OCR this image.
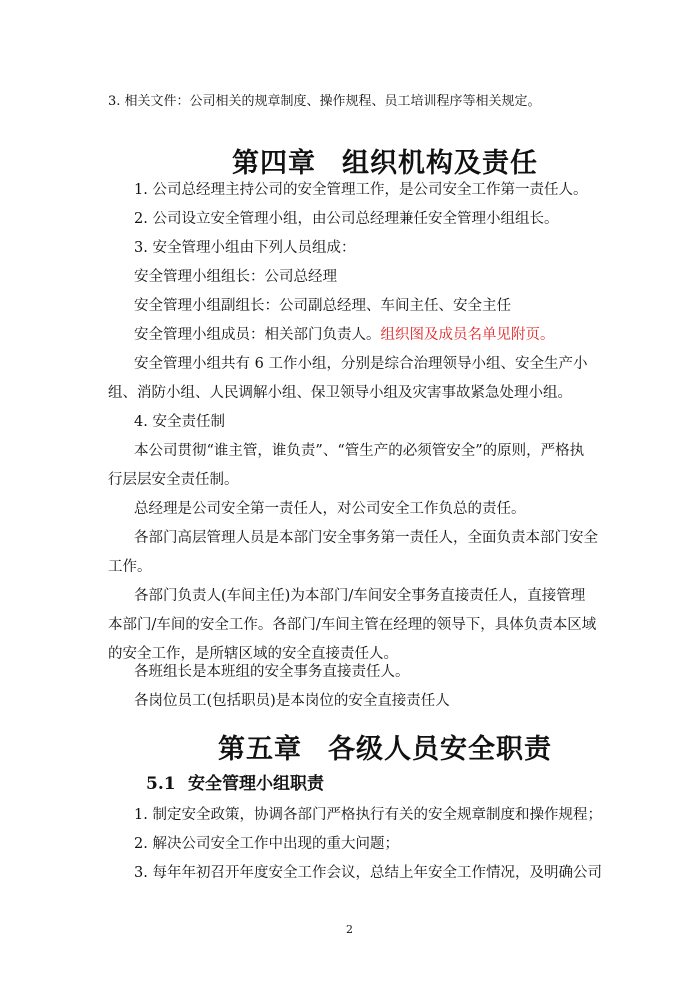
3. 相关文件：公司相关的规章制度、操作规程、员工培训程序等相关规定。
第四章 组织机构及责任
1. 公司总经理主持公司的安全管理工作，是公司安全工作第一责任人。
2. 公司设立安全管理小组，由公司总经理兼任安全管理小组组长。
3. 安全管理小组由下列人员组成：
安全管理小组组长：公司总经理
安全管理小组副组长：公司副总经理、车间主任、安全主任
安全管理小组成员：相关部门负责人。组织图及成员名单见附页。
安全管理小组共有 6 工作小组，分别是综合治理领导小组、安全生产小组、消防小组、人民调解小组、保卫领导小组及灾害事故紧急处理小组。
4. 安全责任制
本公司贯彻“谁主管，谁负责”、“管生产的必须管安全”的原则，严格执行层层安全责任制。
总经理是公司安全第一责任人，对公司安全工作负总的责任。
各部门高层管理人员是本部门安全事务第一责任人，全面负责本部门安全工作。
各部门负责人(车间主任)为本部门/车间安全事务直接责任人，直接管理本部门/车间的安全工作。各部门/车间主管在经理的领导下，具体负责本区域的安全工作，是所辖区域的安全直接责任人。
各班组长是本班组的安全事务直接责任人。
各岗位员工(包括职员)是本岗位的安全直接责任人
第五章 各级人员安全职责
5.1 安全管理小组职责
1. 制定安全政策，协调各部门严格执行有关的安全规章制度和操作规程；
2. 解决公司安全工作中出现的重大问题；
3. 每年年初召开年度安全工作会议，总结上年安全工作情况，及明确公司
2
